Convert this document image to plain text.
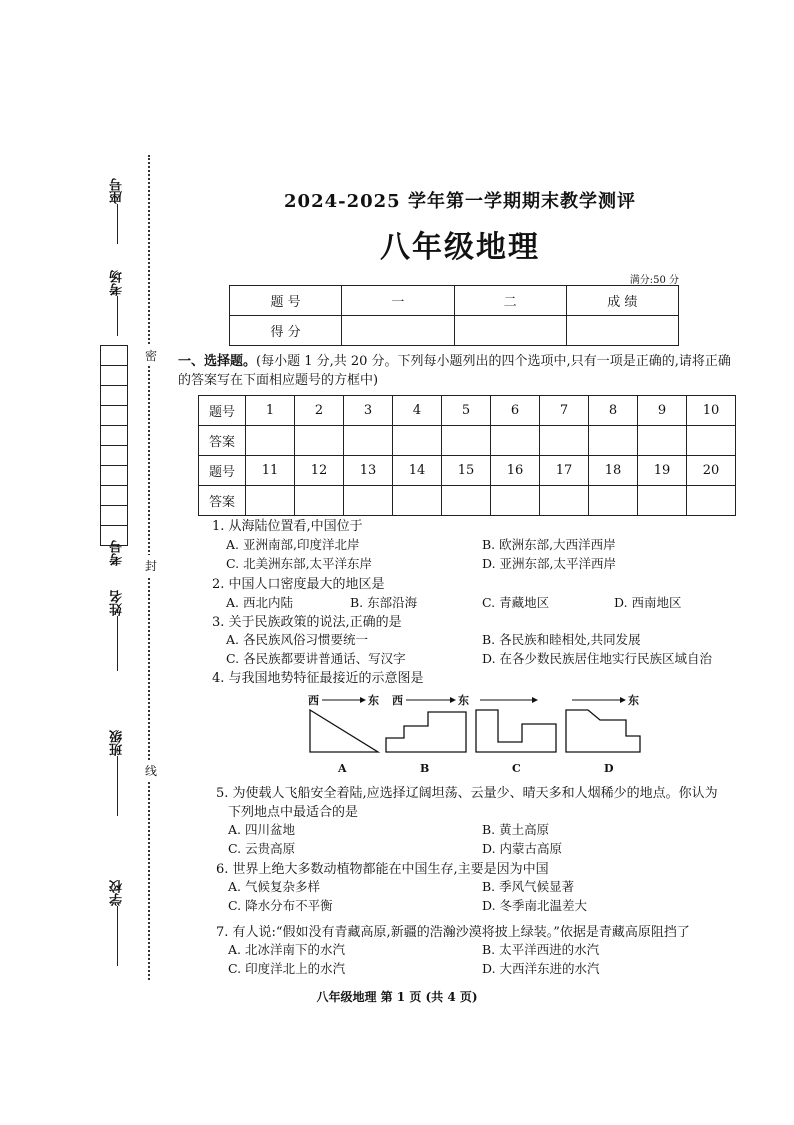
座号
考场
考号
姓名
班级
学校
密
封
线
2024-2025 学年第一学期期末教学测评
八年级地理
满分:50 分
题 号	一	二	成 绩
得 分			
一、选择题。(每小题 1 分,共 20 分。下列每小题列出的四个选项中,只有一项是正确的,请将正确的答案写在下面相应题号的方框中)
题号	1	2	3	4	5	6	7	8	9	10
答案										
题号	11	12	13	14	15	16	17	18	19	20
答案										
1. 从海陆位置看,中国位于
A. 亚洲南部,印度洋北岸	B. 欧洲东部,大西洋西岸
C. 北美洲东部,太平洋东岸	D. 亚洲东部,太平洋西岸
2. 中国人口密度最大的地区是
A. 西北内陆	B. 东部沿海	C. 青藏地区	D. 西南地区
3. 关于民族政策的说法,正确的是
A. 各民族风俗习惯要统一	B. 各民族和睦相处,共同发展
C. 各民族都要讲普通话、写汉字	D. 在各少数民族居住地实行民族区域自治
4. 与我国地势特征最接近的示意图是
西	东
A
西	东
B	C
东
D
5. 为使载人飞船安全着陆,应选择辽阔坦荡、云量少、晴天多和人烟稀少的地点。你认为
下列地点中最适合的是
A. 四川盆地	B. 黄土高原
C. 云贵高原	D. 内蒙古高原
6. 世界上绝大多数动植物都能在中国生存,主要是因为中国
A. 气候复杂多样	B. 季风气候显著
C. 降水分布不平衡	D. 冬季南北温差大
7. 有人说:“假如没有青藏高原,新疆的浩瀚沙漠将披上绿装。”依据是青藏高原阻挡了
A. 北冰洋南下的水汽	B. 太平洋西进的水汽
C. 印度洋北上的水汽	D. 大西洋东进的水汽
八年级地理 第 1 页 (共 4 页)
